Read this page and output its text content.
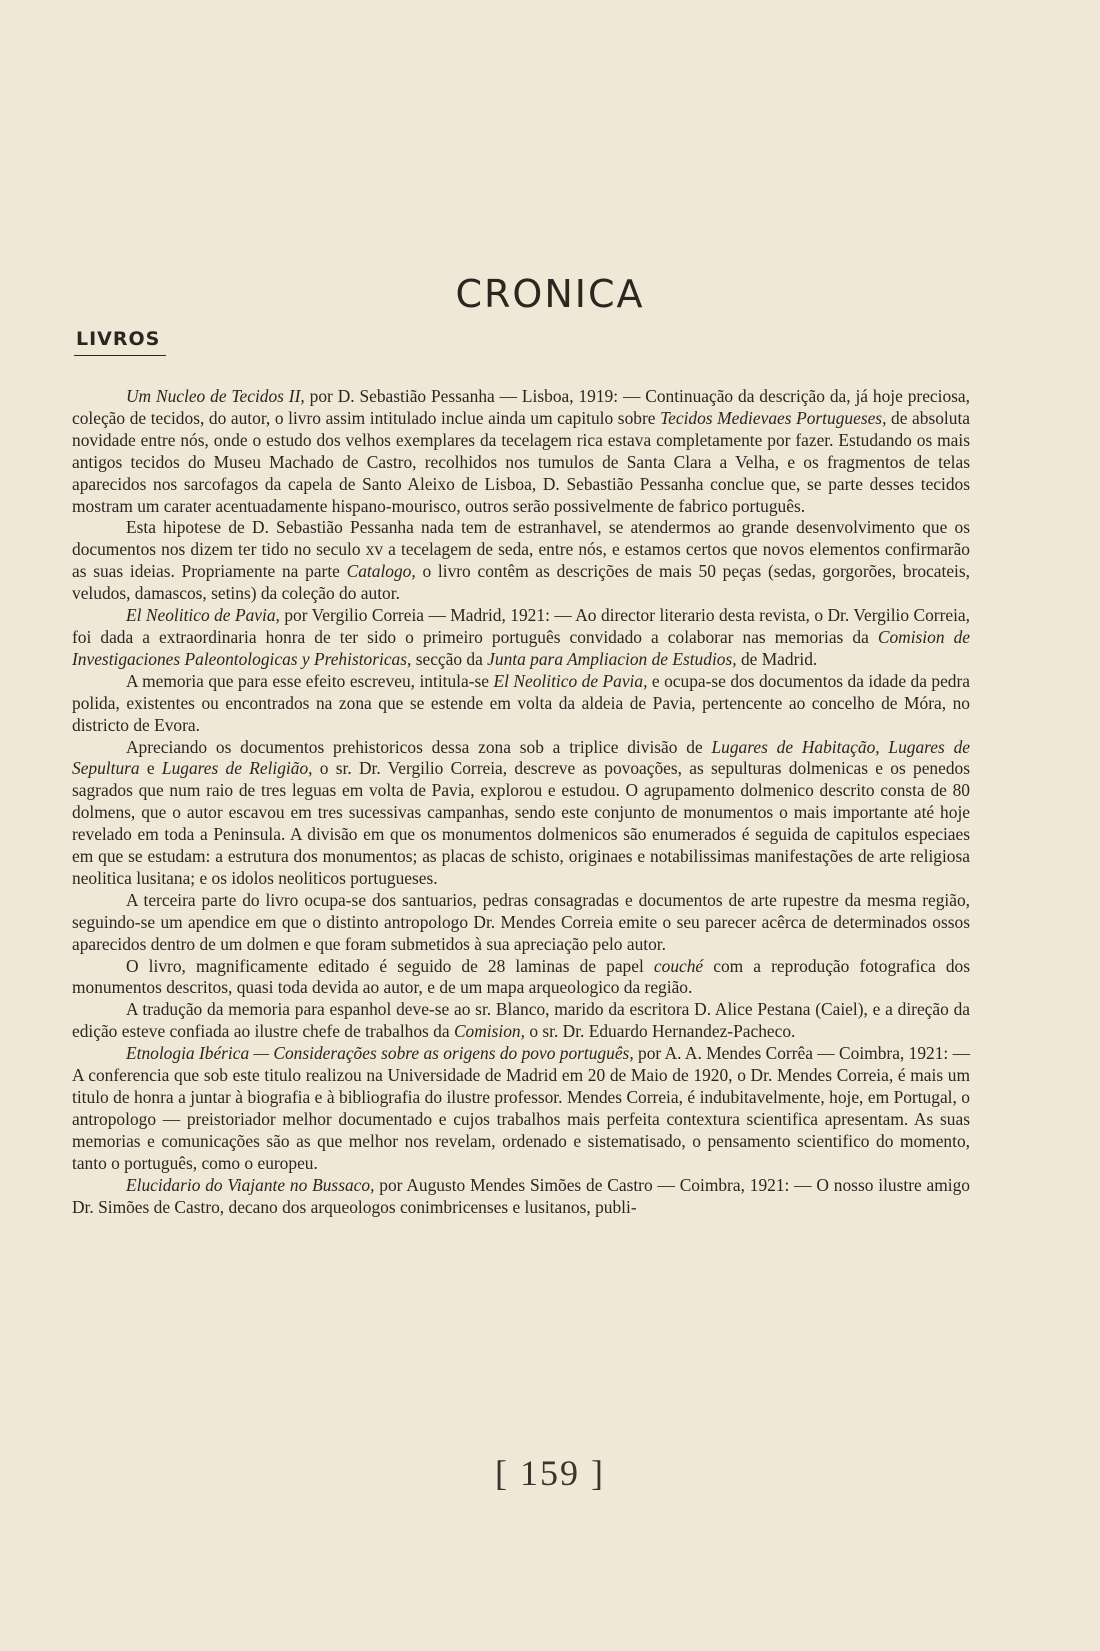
CRONICA
LIVROS

Um Nucleo de Tecidos II, por D. Sebastião Pessanha — Lisboa, 1919: — Continuação da descrição da, já hoje preciosa, coleção de tecidos, do autor, o livro assim intitulado inclue ainda um capitulo sobre Tecidos Medievaes Portugueses, de absoluta novidade entre nós, onde o estudo dos velhos exemplares da tecelagem rica estava completamente por fazer. Estudando os mais antigos tecidos do Museu Machado de Castro, recolhidos nos tumulos de Santa Clara a Velha, e os fragmentos de telas aparecidos nos sarcofagos da capela de Santo Aleixo de Lisboa, D. Sebastião Pessanha conclue que, se parte desses tecidos mostram um carater acentuadamente hispano-mourisco, outros serão possivelmente de fabrico português.

Esta hipotese de D. Sebastião Pessanha nada tem de estranhavel, se atendermos ao grande desenvolvimento que os documentos nos dizem ter tido no seculo xv a tecelagem de seda, entre nós, e estamos certos que novos elementos confirmarão as suas ideias. Propriamente na parte Catalogo, o livro contêm as descrições de mais 50 peças (sedas, gorgorões, brocateis, veludos, damascos, setins) da coleção do autor.

El Neolitico de Pavia, por Vergilio Correia — Madrid, 1921: — Ao director literario desta revista, o Dr. Vergilio Correia, foi dada a extraordinaria honra de ter sido o primeiro português convidado a colaborar nas memorias da Comision de Investigaciones Paleontologicas y Prehistoricas, secção da Junta para Ampliacion de Estudios, de Madrid.

A memoria que para esse efeito escreveu, intitula-se El Neolitico de Pavia, e ocupa-se dos documentos da idade da pedra polida, existentes ou encontrados na zona que se estende em volta da aldeia de Pavia, pertencente ao concelho de Móra, no districto de Evora.

Apreciando os documentos prehistoricos dessa zona sob a triplice divisão de Lugares de Habitação, Lugares de Sepultura e Lugares de Religião, o sr. Dr. Vergilio Correia, descreve as povoações, as sepulturas dolmenicas e os penedos sagrados que num raio de tres leguas em volta de Pavia, explorou e estudou. O agrupamento dolmenico descrito consta de 80 dolmens, que o autor escavou em tres sucessivas campanhas, sendo este conjunto de monumentos o mais importante até hoje revelado em toda a Peninsula. A divisão em que os monumentos dolmenicos são enumerados é seguida de capitulos especiaes em que se estudam: a estrutura dos monumentos; as placas de schisto, originaes e notabilissimas manifestações de arte religiosa neolitica lusitana; e os idolos neoliticos portugueses.

A terceira parte do livro ocupa-se dos santuarios, pedras consagradas e documentos de arte rupestre da mesma região, seguindo-se um apendice em que o distinto antropologo Dr. Mendes Correia emite o seu parecer acêrca de determinados ossos aparecidos dentro de um dolmen e que foram submetidos à sua apreciação pelo autor.

O livro, magnificamente editado é seguido de 28 laminas de papel couché com a reprodução fotografica dos monumentos descritos, quasi toda devida ao autor, e de um mapa arqueologico da região.

A tradução da memoria para espanhol deve-se ao sr. Blanco, marido da escritora D. Alice Pestana (Caiel), e a direção da edição esteve confiada ao ilustre chefe de trabalhos da Comision, o sr. Dr. Eduardo Hernandez-Pacheco.

Etnologia Ibérica — Considerações sobre as origens do povo português, por A. A. Mendes Corrêa — Coimbra, 1921: — A conferencia que sob este titulo realizou na Universidade de Madrid em 20 de Maio de 1920, o Dr. Mendes Correia, é mais um titulo de honra a juntar à biografia e à bibliografia do ilustre professor. Mendes Correia, é indubitavelmente, hoje, em Portugal, o antropologo — preistoriador melhor documentado e cujos trabalhos mais perfeita contextura scientifica apresentam. As suas memorias e comunicações são as que melhor nos revelam, ordenado e sistematisado, o pensamento scientifico do momento, tanto o português, como o europeu.

Elucidario do Viajante no Bussaco, por Augusto Mendes Simões de Castro — Coimbra, 1921: — O nosso ilustre amigo Dr. Simões de Castro, decano dos arqueologos conimbricenses e lusitanos, publi-

[ 159 ]
